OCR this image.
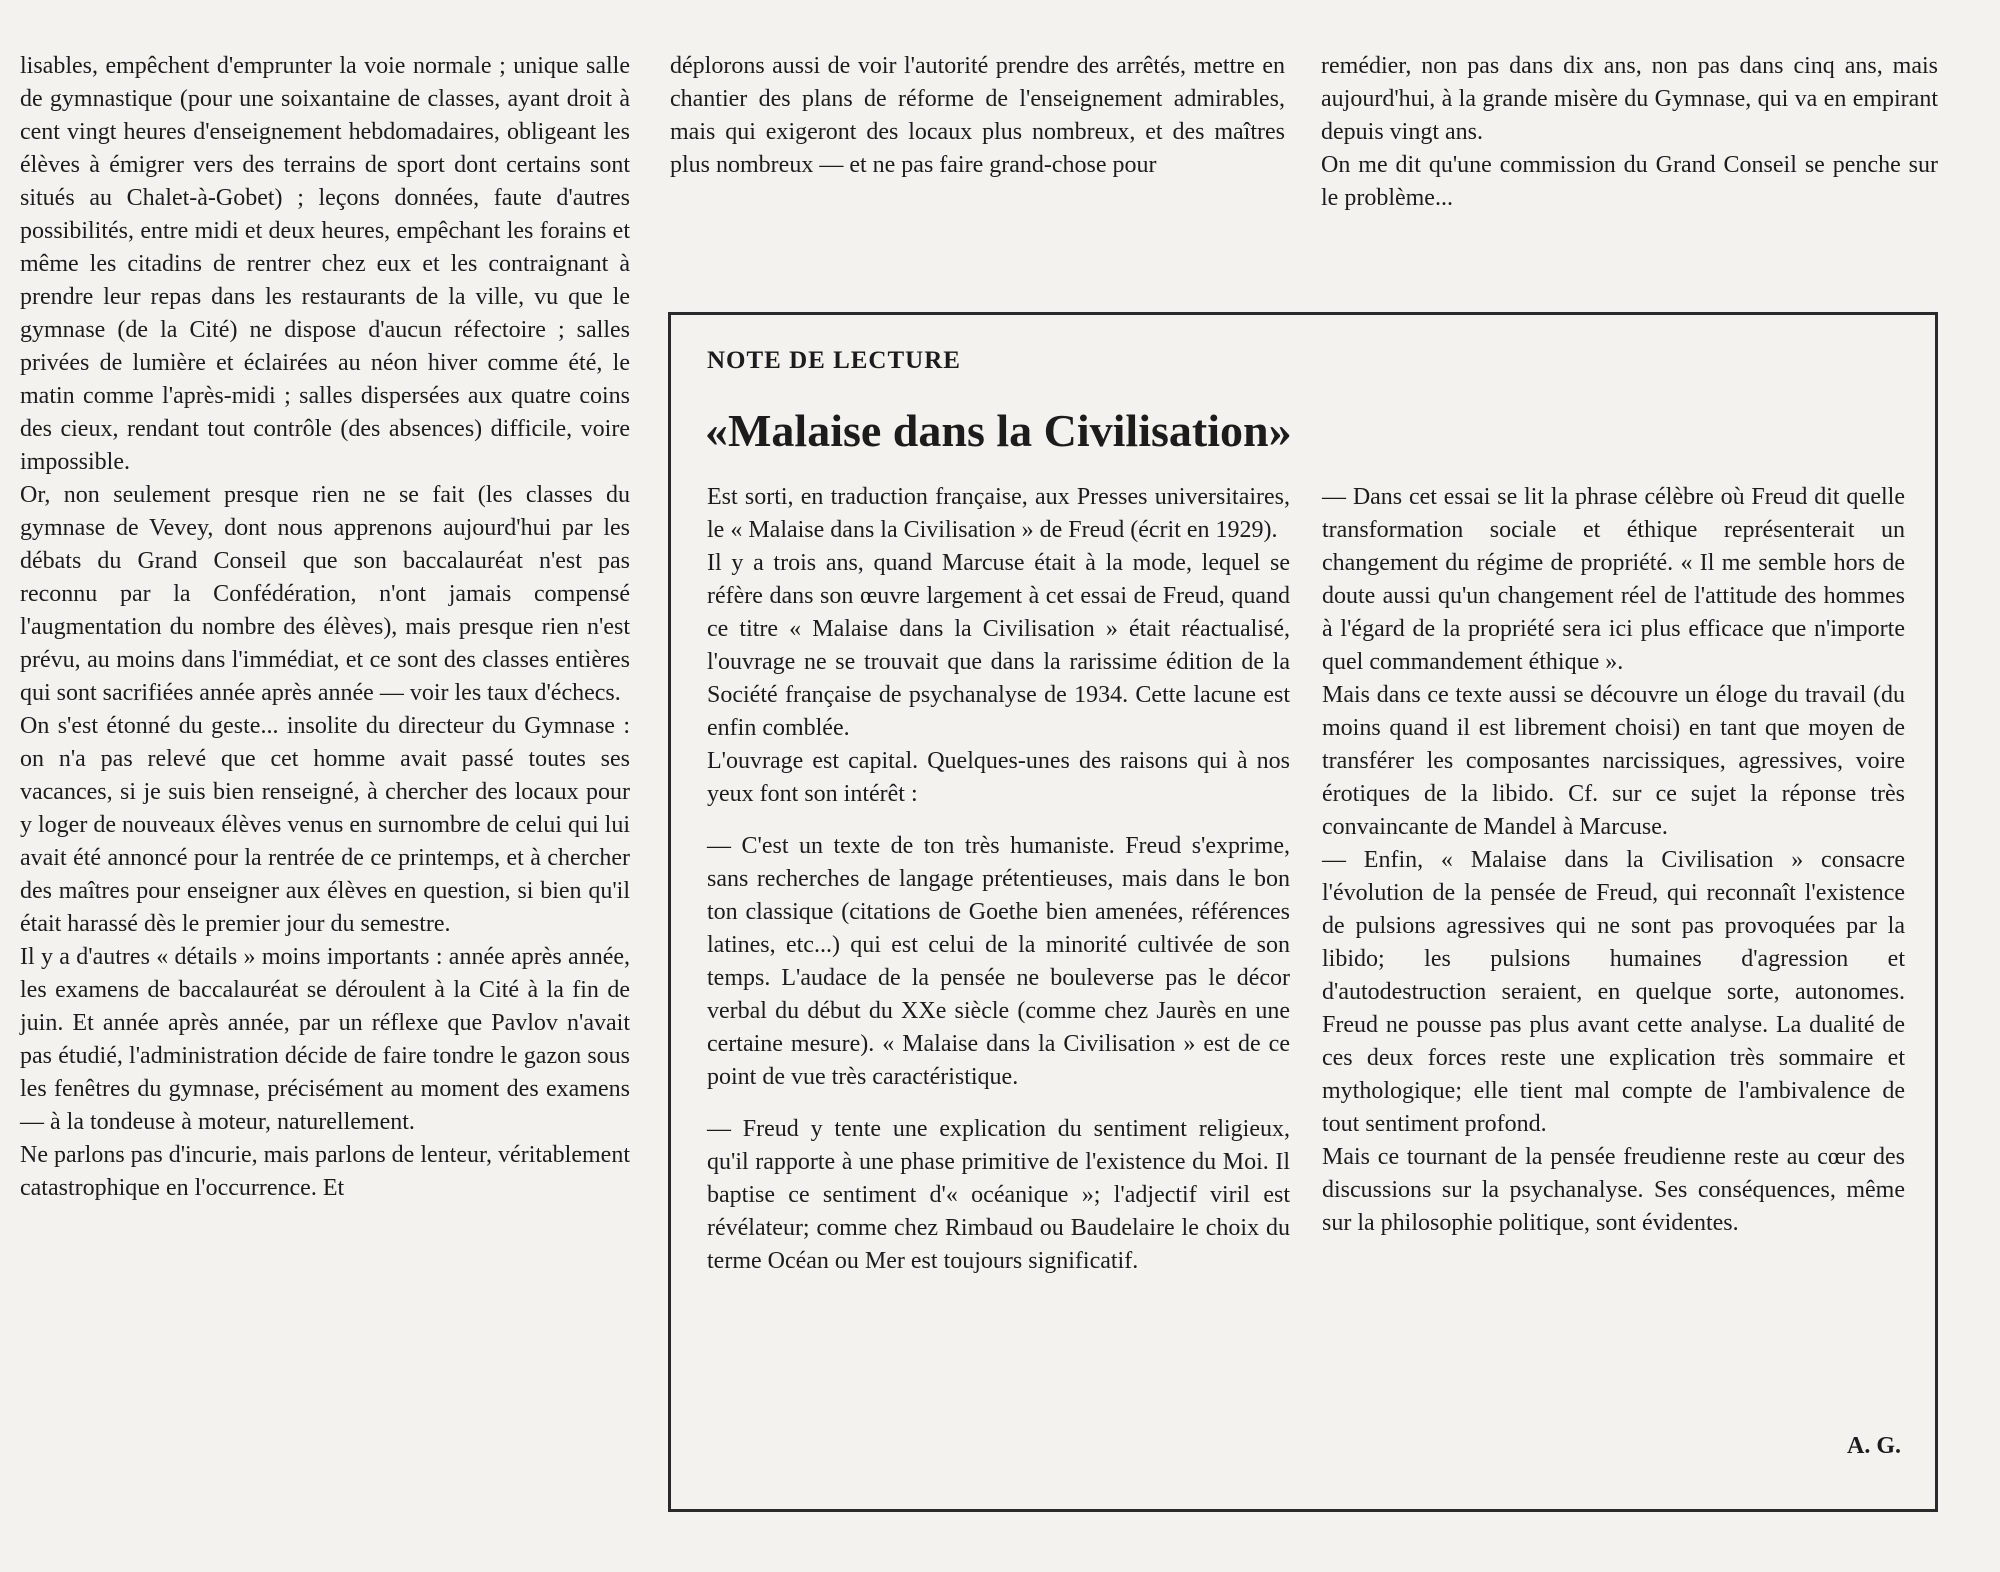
lisables, empêchent d'emprunter la voie normale ; unique salle de gymnastique (pour une soixantaine de classes, ayant droit à cent vingt heures d'enseignement hebdomadaires, obligeant les élèves à émigrer vers des terrains de sport dont certains sont situés au Chalet-à-Gobet) ; leçons données, faute d'autres possibilités, entre midi et deux heures, empêchant les forains et même les citadins de rentrer chez eux et les contraignant à prendre leur repas dans les restaurants de la ville, vu que le gymnase (de la Cité) ne dispose d'aucun réfectoire ; salles privées de lumière et éclairées au néon hiver comme été, le matin comme l'après-midi ; salles dispersées aux quatre coins des cieux, rendant tout contrôle (des absences) difficile, voire impossible.

Or, non seulement presque rien ne se fait (les classes du gymnase de Vevey, dont nous apprenons aujourd'hui par les débats du Grand Conseil que son baccalauréat n'est pas reconnu par la Confédération, n'ont jamais compensé l'augmentation du nombre des élèves), mais presque rien n'est prévu, au moins dans l'immédiat, et ce sont des classes entières qui sont sacrifiées année après année — voir les taux d'échecs.

On s'est étonné du geste... insolite du directeur du Gymnase : on n'a pas relevé que cet homme avait passé toutes ses vacances, si je suis bien renseigné, à chercher des locaux pour y loger de nouveaux élèves venus en surnombre de celui qui lui avait été annoncé pour la rentrée de ce printemps, et à chercher des maîtres pour enseigner aux élèves en question, si bien qu'il était harassé dès le premier jour du semestre.

Il y a d'autres « détails » moins importants : année après année, les examens de baccalauréat se déroulent à la Cité à la fin de juin. Et année après année, par un réflexe que Pavlov n'avait pas étudié, l'administration décide de faire tondre le gazon sous les fenêtres du gymnase, précisément au moment des examens — à la tondeuse à moteur, naturellement.

Ne parlons pas d'incurie, mais parlons de lenteur, véritablement catastrophique en l'occurrence. Et

déplorons aussi de voir l'autorité prendre des arrêtés, mettre en chantier des plans de réforme de l'enseignement admirables, mais qui exigeront des locaux plus nombreux, et des maîtres plus nombreux — et ne pas faire grand-chose pour

remédier, non pas dans dix ans, non pas dans cinq ans, mais aujourd'hui, à la grande misère du Gymnase, qui va en empirant depuis vingt ans.

On me dit qu'une commission du Grand Conseil se penche sur le problème...

NOTE DE LECTURE

«Malaise dans la Civilisation»

Est sorti, en traduction française, aux Presses universitaires, le « Malaise dans la Civilisation » de Freud (écrit en 1929).

Il y a trois ans, quand Marcuse était à la mode, lequel se réfère dans son œuvre largement à cet essai de Freud, quand ce titre « Malaise dans la Civilisation » était réactualisé, l'ouvrage ne se trouvait que dans la rarissime édition de la Société française de psychanalyse de 1934. Cette lacune est enfin comblée.

L'ouvrage est capital. Quelques-unes des raisons qui à nos yeux font son intérêt :

— C'est un texte de ton très humaniste. Freud s'exprime, sans recherches de langage prétentieuses, mais dans le bon ton classique (citations de Goethe bien amenées, références latines, etc...) qui est celui de la minorité cultivée de son temps. L'audace de la pensée ne bouleverse pas le décor verbal du début du XXe siècle (comme chez Jaurès en une certaine mesure). « Malaise dans la Civilisation » est de ce point de vue très caractéristique.

— Freud y tente une explication du sentiment religieux, qu'il rapporte à une phase primitive de l'existence du Moi. Il baptise ce sentiment d'« océanique »; l'adjectif viril est révélateur; comme chez Rimbaud ou Baudelaire le choix du terme Océan ou Mer est toujours significatif.

— Dans cet essai se lit la phrase célèbre où Freud dit quelle transformation sociale et éthique représenterait un changement du régime de propriété. « Il me semble hors de doute aussi qu'un changement réel de l'attitude des hommes à l'égard de la propriété sera ici plus efficace que n'importe quel commandement éthique ».

Mais dans ce texte aussi se découvre un éloge du travail (du moins quand il est librement choisi) en tant que moyen de transférer les composantes narcissiques, agressives, voire érotiques de la libido. Cf. sur ce sujet la réponse très convaincante de Mandel à Marcuse.

— Enfin, « Malaise dans la Civilisation » consacre l'évolution de la pensée de Freud, qui reconnaît l'existence de pulsions agressives qui ne sont pas provoquées par la libido; les pulsions humaines d'agression et d'autodestruction seraient, en quelque sorte, autonomes. Freud ne pousse pas plus avant cette analyse. La dualité de ces deux forces reste une explication très sommaire et mythologique; elle tient mal compte de l'ambivalence de tout sentiment profond.

Mais ce tournant de la pensée freudienne reste au cœur des discussions sur la psychanalyse. Ses conséquences, même sur la philosophie politique, sont évidentes.

A. G.
